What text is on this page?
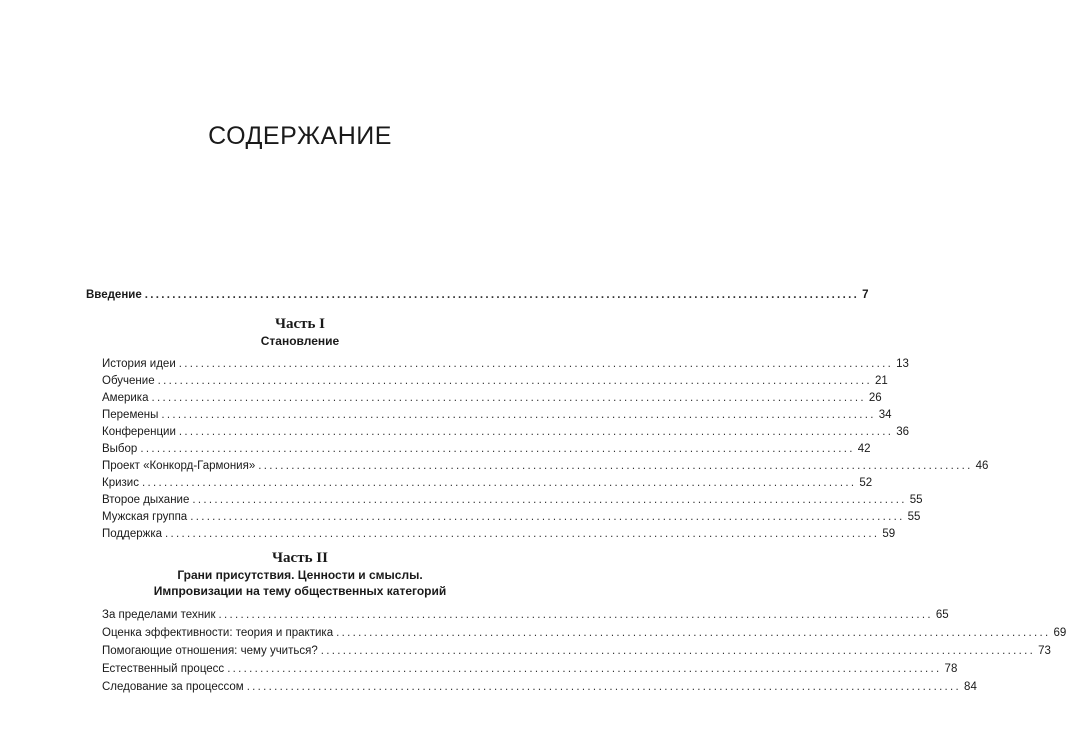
СОДЕРЖАНИЕ
Введение .................................................................................................................................. 7
Часть I
Становление
История идеи .................................................................................................................................. 13
Обучение .................................................................................................................................. 21
Америка .................................................................................................................................. 26
Перемены .................................................................................................................................. 34
Конференции .................................................................................................................................. 36
Выбор .................................................................................................................................. 42
Проект «Конкорд-Гармония» .................................................................................................................................. 46
Кризис .................................................................................................................................. 52
Второе дыхание .................................................................................................................................. 55
Мужская группа .................................................................................................................................. 55
Поддержка .................................................................................................................................. 59
Часть II
Грани присутствия. Ценности и смыслы.
Импровизации на тему общественных категорий
За пределами техник .................................................................................................................................. 65
Оценка эффективности: теория и практика .................................................................................................................................. 69
Помогающие отношения: чему учиться? .................................................................................................................................. 73
Естественный процесс .................................................................................................................................. 78
Следование за процессом .................................................................................................................................. 84
